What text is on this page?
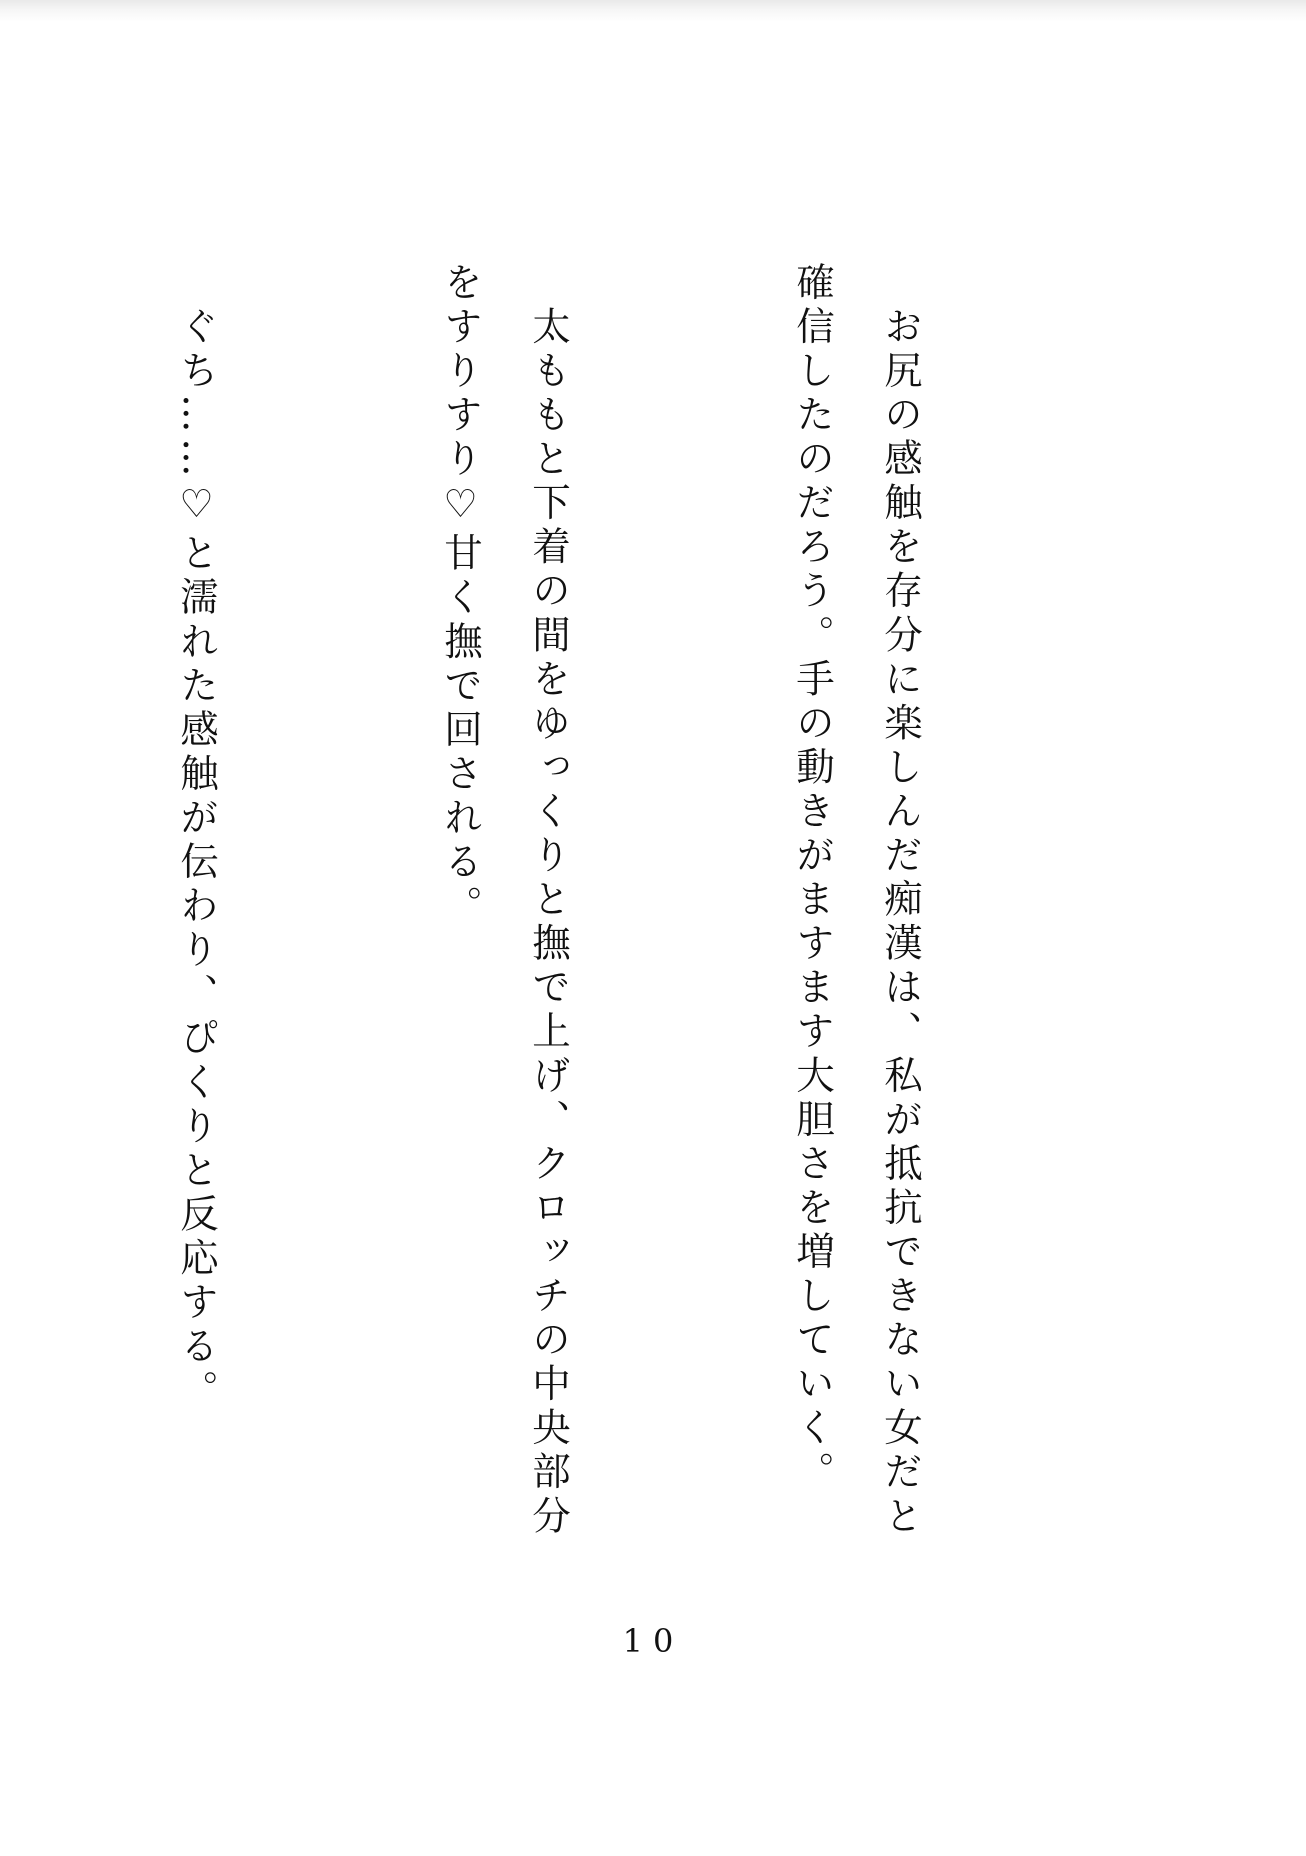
　お尻の感触を存分に楽しんだ痴漢は、私が抵抗できない女だと確信したのだろう。手の動きがますます大胆さを増していく。

　太ももと下着の間をゆっくりと撫で上げ、クロッチの中央部分をすりすり♡甘く撫で回される。

　ぐち……♡と濡れた感触が伝わり、ぴくりと反応する。

10
